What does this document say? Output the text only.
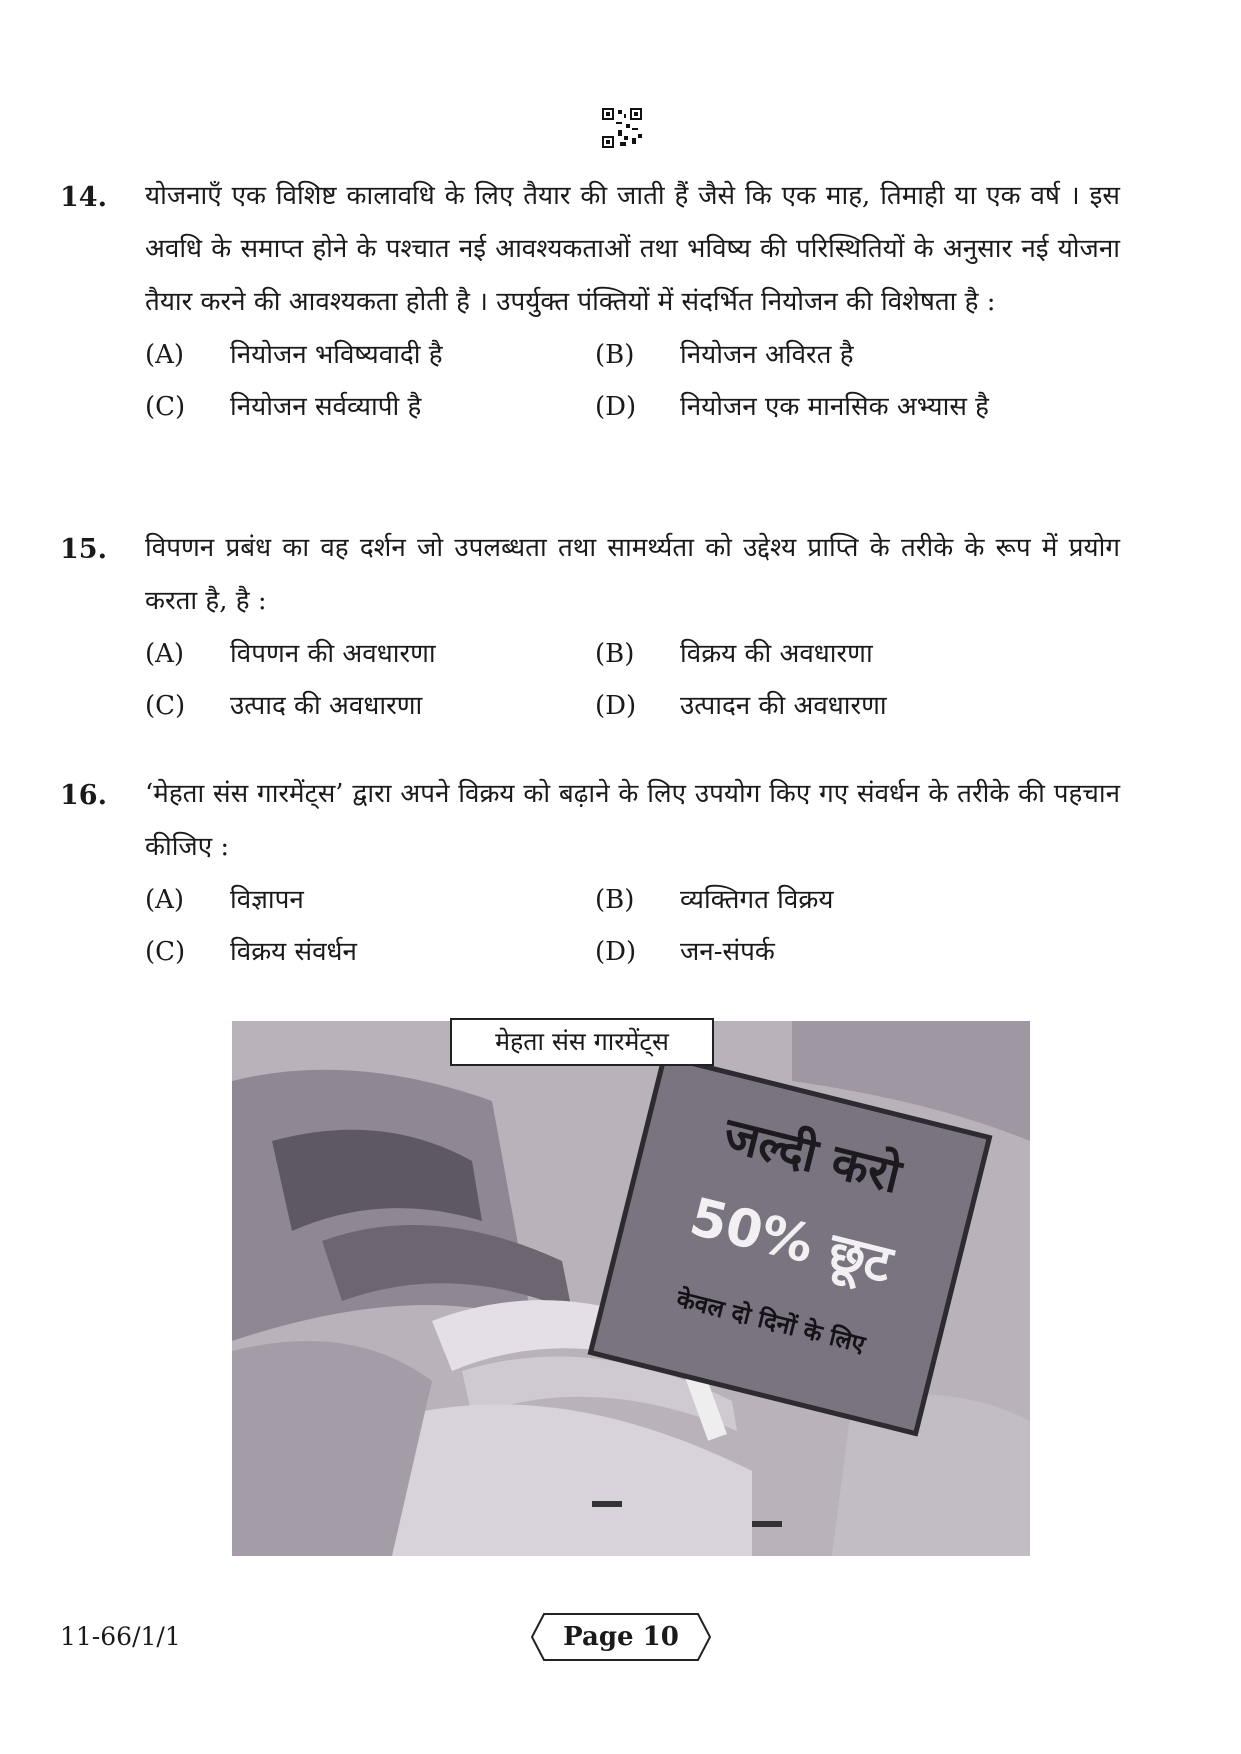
14. योजनाएँ एक विशिष्ट कालावधि के लिए तैयार की जाती हैं जैसे कि एक माह, तिमाही या एक वर्ष । इस अवधि के समाप्त होने के पश्चात नई आवश्यकताओं तथा भविष्य की परिस्थितियों के अनुसार नई योजना तैयार करने की आवश्यकता होती है । उपर्युक्त पंक्तियों में संदर्भित नियोजन की विशेषता है :
(A) नियोजन भविष्यवादी है	(B) नियोजन अविरत है
(C) नियोजन सर्वव्यापी है	(D) नियोजन एक मानसिक अभ्यास है
15. विपणन प्रबंध का वह दर्शन जो उपलब्धता तथा सामर्थ्यता को उद्देश्य प्राप्ति के तरीके के रूप में प्रयोग करता है, है :
(A) विपणन की अवधारणा	(B) विक्रय की अवधारणा
(C) उत्पाद की अवधारणा	(D) उत्पादन की अवधारणा
16. ‘मेहता संस गारमेंट्स’ द्वारा अपने विक्रय को बढ़ाने के लिए उपयोग किए गए संवर्धन के तरीके की पहचान कीजिए :
(A) विज्ञापन	(B) व्यक्तिगत विक्रय
(C) विक्रय संवर्धन	(D) जन-संपर्क
मेहता संस गारमेंट्स
जल्दी करो
50% छूट
केवल दो दिनों के लिए
11-66/1/1	Page 10
